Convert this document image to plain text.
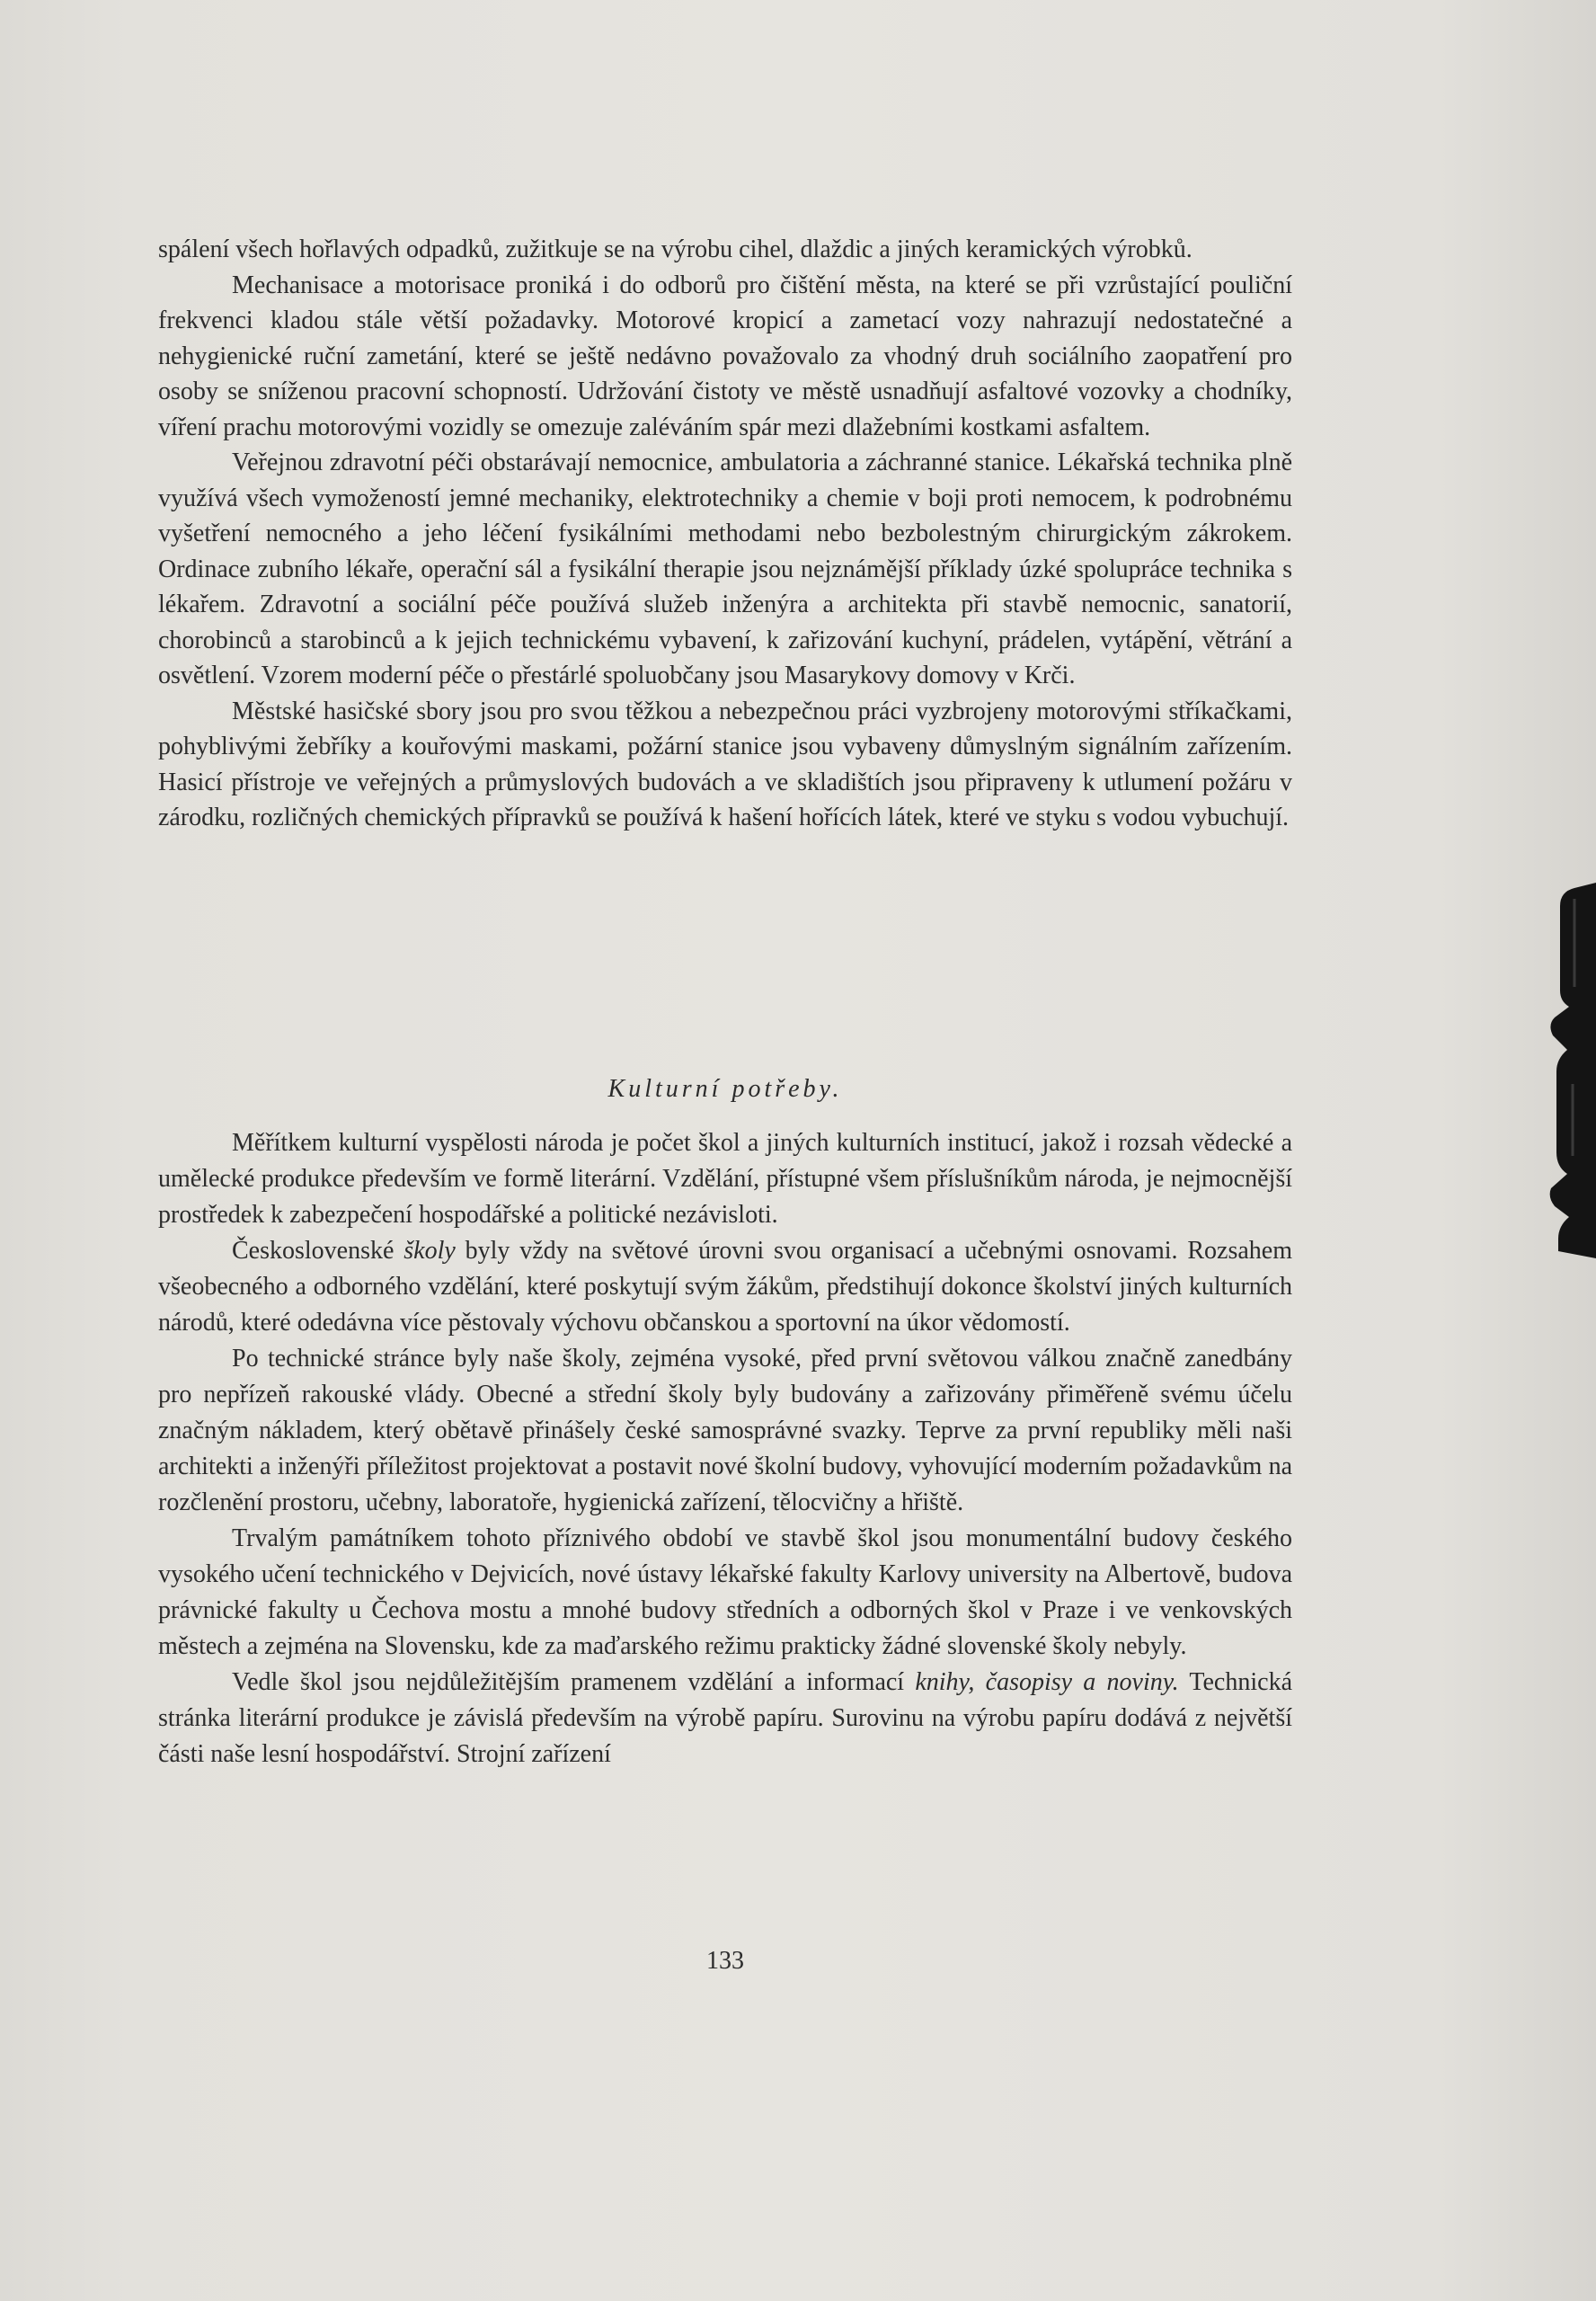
spálení všech hořlavých odpadků, zužitkuje se na výrobu cihel, dlaždic a jiných keramických výrobků.

Mechanisace a motorisace proniká i do odborů pro čištění města, na které se při vzrůstající pouliční frekvenci kladou stále větší požadavky. Motorové kropicí a zametací vozy nahrazují nedostatečné a nehygienické ruční zametání, které se ještě nedávno považovalo za vhodný druh sociálního zaopatření pro osoby se sníženou pracovní schopností. Udržování čistoty ve městě usnadňují asfaltové vozovky a chodníky, víření prachu motorovými vozidly se omezuje zaléváním spár mezi dlažebními kostkami asfaltem.

Veřejnou zdravotní péči obstarávají nemocnice, ambulatoria a záchranné stanice. Lékařská technika plně využívá všech vymožeností jemné mechaniky, elektrotechniky a chemie v boji proti nemocem, k podrobnému vyšetření nemocného a jeho léčení fysikálními methodami nebo bezbolestným chirurgickým zákrokem. Ordinace zubního lékaře, operační sál a fysikální therapie jsou nejznámější příklady úzké spolupráce technika s lékařem. Zdravotní a sociální péče používá služeb inženýra a architekta při stavbě nemocnic, sanatorií, chorobinců a starobinců a k jejich technickému vybavení, k zařizování kuchyní, prádelen, vytápění, větrání a osvětlení. Vzorem moderní péče o přestárlé spoluobčany jsou Masarykovy domovy v Krči.

Městské hasičské sbory jsou pro svou těžkou a nebezpečnou práci vyzbrojeny motorovými stříkačkami, pohyblivými žebříky a kouřovými maskami, požární stanice jsou vybaveny důmyslným signálním zařízením. Hasicí přístroje ve veřejných a průmyslových budovách a ve skladištích jsou připraveny k utlumení požáru v zárodku, rozličných chemických přípravků se používá k hašení hořících látek, které ve styku s vodou vybuchují.

Kulturní potřeby.

Měřítkem kulturní vyspělosti národa je počet škol a jiných kulturních institucí, jakož i rozsah vědecké a umělecké produkce především ve formě literární. Vzdělání, přístupné všem příslušníkům národa, je nejmocnější prostředek k zabezpečení hospodářské a politické nezávisloti.

Československé školy byly vždy na světové úrovni svou organisací a učebnými osnovami. Rozsahem všeobecného a odborného vzdělání, které poskytují svým žákům, předstihují dokonce školství jiných kulturních národů, které odedávna více pěstovaly výchovu občanskou a sportovní na úkor vědomostí.

Po technické stránce byly naše školy, zejména vysoké, před první světovou válkou značně zanedbány pro nepřízeň rakouské vlády. Obecné a střední školy byly budovány a zařizovány přiměřeně svému účelu značným nákladem, který obětavě přinášely české samosprávné svazky. Teprve za první republiky měli naši architekti a inženýři příležitost projektovat a postavit nové školní budovy, vyhovující moderním požadavkům na rozčlenění prostoru, učebny, laboratoře, hygienická zařízení, tělocvičny a hřiště.

Trvalým památníkem tohoto příznivého období ve stavbě škol jsou monumentální budovy českého vysokého učení technického v Dejvicích, nové ústavy lékařské fakulty Karlovy university na Albertově, budova právnické fakulty u Čechova mostu a mnohé budovy středních a odborných škol v Praze i ve venkovských městech a zejména na Slovensku, kde za maďarského režimu prakticky žádné slovenské školy nebyly.

Vedle škol jsou nejdůležitějším pramenem vzdělání a informací knihy, časopisy a noviny. Technická stránka literární produkce je závislá především na výrobě papíru. Surovinu na výrobu papíru dodává z největší části naše lesní hospodářství. Strojní zařízení

133
